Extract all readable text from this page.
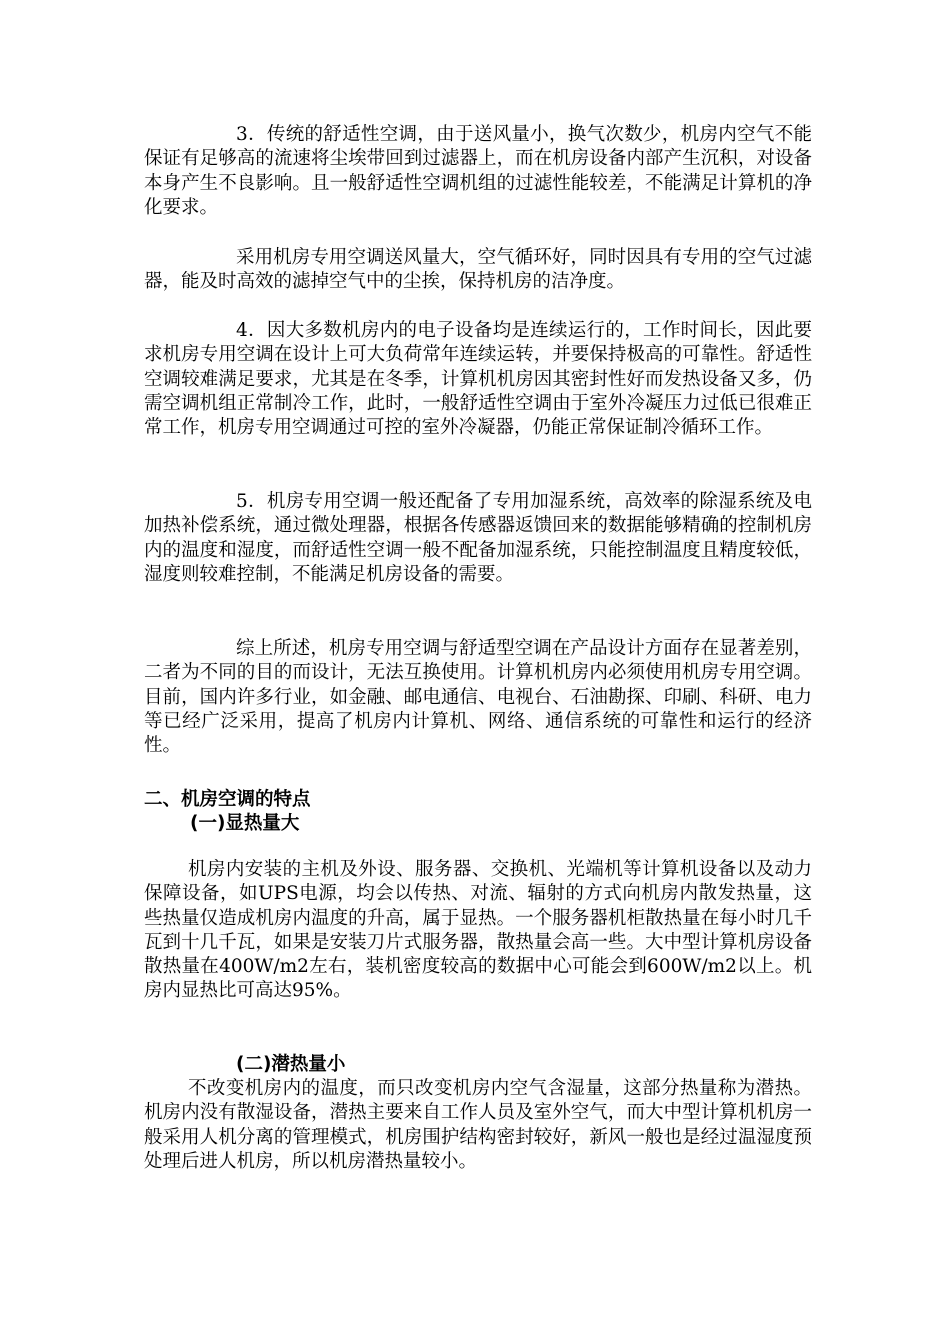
3．传统的舒适性空调，由于送风量小，换气次数少，机房内空气不能保证有足够高的流速将尘埃带回到过滤器上，而在机房设备内部产生沉积，对设备本身产生不良影响。且一般舒适性空调机组的过滤性能较差，不能满足计算机的净化要求。

采用机房专用空调送风量大，空气循环好，同时因具有专用的空气过滤器，能及时高效的滤掉空气中的尘挨，保持机房的洁净度。

4．因大多数机房内的电子设备均是连续运行的，工作时间长，因此要求机房专用空调在设计上可大负荷常年连续运转，并要保持极高的可靠性。舒适性空调较难满足要求，尤其是在冬季，计算机机房因其密封性好而发热设备又多，仍需空调机组正常制冷工作，此时，一般舒适性空调由于室外冷凝压力过低已很难正常工作，机房专用空调通过可控的室外冷凝器，仍能正常保证制冷循环工作。

5．机房专用空调一般还配备了专用加湿系统，高效率的除湿系统及电加热补偿系统，通过微处理器，根据各传感器返馈回来的数据能够精确的控制机房内的温度和湿度，而舒适性空调一般不配备加湿系统，只能控制温度且精度较低，湿度则较难控制，不能满足机房设备的需要。

综上所述，机房专用空调与舒适型空调在产品设计方面存在显著差别，二者为不同的目的而设计，无法互换使用。计算机机房内必须使用机房专用空调。目前，国内许多行业，如金融、邮电通信、电视台、石油勘探、印刷、科研、电力等已经广泛采用，提高了机房内计算机、网络、通信系统的可靠性和运行的经济性。

二、机房空调的特点
(一)显热量大

机房内安装的主机及外设、服务器、交换机、光端机等计算机设备以及动力保障设备，如UPS电源，均会以传热、对流、辐射的方式向机房内散发热量，这些热量仅造成机房内温度的升高，属于显热。一个服务器机柜散热量在每小时几千瓦到十几千瓦，如果是安装刀片式服务器，散热量会高一些。大中型计算机房设备散热量在400W/m2左右，装机密度较高的数据中心可能会到600W/m2以上。机房内显热比可高达95%。

(二)潜热量小

不改变机房内的温度，而只改变机房内空气含湿量，这部分热量称为潜热。机房内没有散湿设备，潜热主要来自工作人员及室外空气，而大中型计算机机房一般采用人机分离的管理模式，机房围护结构密封较好，新风一般也是经过温湿度预处理后进人机房，所以机房潜热量较小。
